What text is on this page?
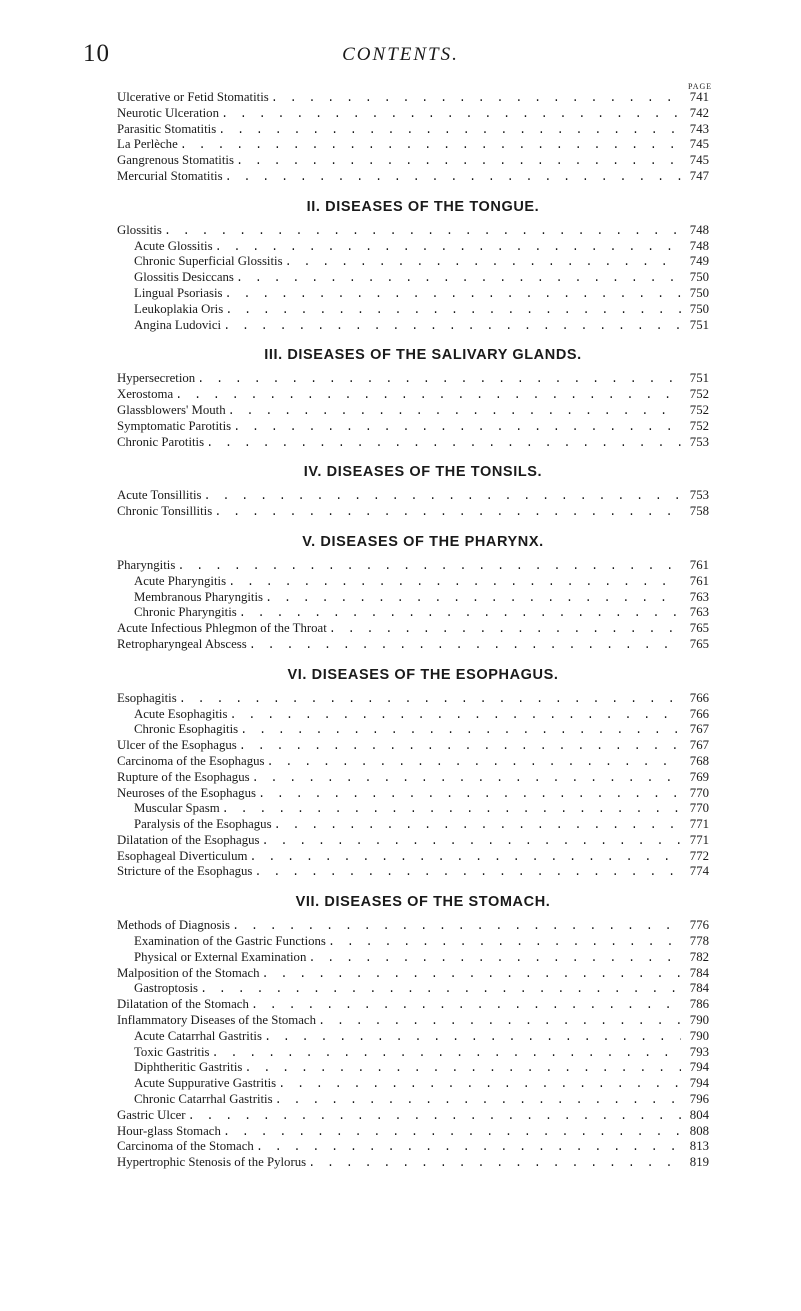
10	CONTENTS.
PAGE
Ulcerative or Fetid Stomatitis . . .	741
Neurotic Ulceration . . .	742
Parasitic Stomatitis . . .	743
La Perlèche . . .	745
Gangrenous Stomatitis . . .	745
Mercurial Stomatitis . . .	747
II. DISEASES OF THE TONGUE.
Glossitis . . .	748
Acute Glossitis . . .	748
Chronic Superficial Glossitis . . .	749
Glossitis Desiccans . . .	750
Lingual Psoriasis . . .	750
Leukoplakia Oris . . .	750
Angina Ludovici . . .	751
III. DISEASES OF THE SALIVARY GLANDS.
Hypersecretion . . .	751
Xerostoma . . .	752
Glassblowers' Mouth . . .	752
Symptomatic Parotitis . . .	752
Chronic Parotitis . . .	753
IV. DISEASES OF THE TONSILS.
Acute Tonsillitis . . .	753
Chronic Tonsillitis . . .	758
V. DISEASES OF THE PHARYNX.
Pharyngitis . . .	761
Acute Pharyngitis . . .	761
Membranous Pharyngitis . . .	763
Chronic Pharyngitis . . .	763
Acute Infectious Phlegmon of the Throat . . .	765
Retropharyngeal Abscess . . .	765
VI. DISEASES OF THE ESOPHAGUS.
Esophagitis . . .	766
Acute Esophagitis . . .	766
Chronic Esophagitis . . .	767
Ulcer of the Esophagus . . .	767
Carcinoma of the Esophagus . . .	768
Rupture of the Esophagus . . .	769
Neuroses of the Esophagus . . .	770
Muscular Spasm . . .	770
Paralysis of the Esophagus . . .	771
Dilatation of the Esophagus . . .	771
Esophageal Diverticulum . . .	772
Stricture of the Esophagus . . .	774
VII. DISEASES OF THE STOMACH.
Methods of Diagnosis . . .	776
Examination of the Gastric Functions . . .	778
Physical or External Examination . . .	782
Malposition of the Stomach . . .	784
Gastroptosis . . .	784
Dilatation of the Stomach . . .	786
Inflammatory Diseases of the Stomach . . .	790
Acute Catarrhal Gastritis . . .	790
Toxic Gastritis . . .	793
Diphtheritic Gastritis . . .	794
Acute Suppurative Gastritis . . .	794
Chronic Catarrhal Gastritis . . .	796
Gastric Ulcer . . .	804
Hour-glass Stomach . . .	808
Carcinoma of the Stomach . . .	813
Hypertrophic Stenosis of the Pylorus . . .	819
